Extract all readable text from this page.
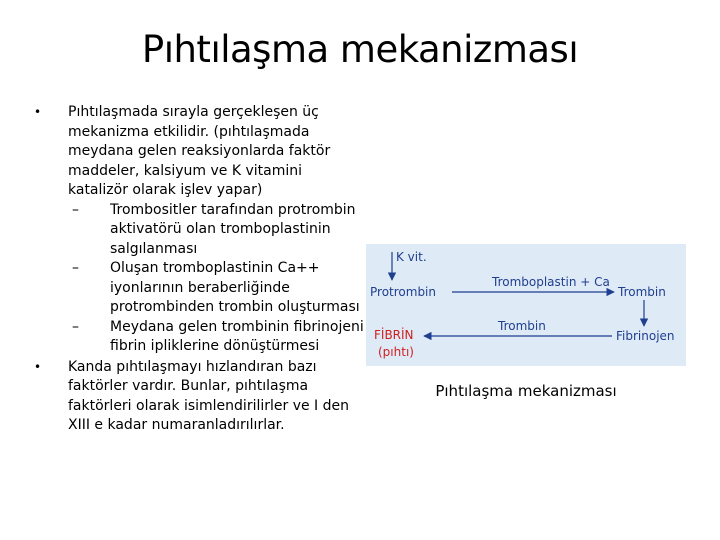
Pıhtılaşma mekanizması
•	Pıhtılaşmada sırayla gerçekleşen üç mekanizma etkilidir. (pıhtılaşmada meydana gelen reaksiyonlarda faktör maddeler, kalsiyum ve K vitamini katalizör olarak işlev yapar)
–	Trombositler tarafından protrombin aktivatörü olan tromboplastinin salgılanması
–	Oluşan tromboplastinin Ca++ iyonlarının beraberliğinde protrombinden trombin oluşturması
–	Meydana gelen trombinin fibrinojeni fibrin ipliklerine dönüştürmesi
•	Kanda pıhtılaşmayı hızlandıran bazı faktörler vardır. Bunlar, pıhtılaşma faktörleri olarak isimlendirilirler ve I den XIII e kadar numaranladırılırlar.
K vit.
Protrombin
Tromboplastin + Ca
Trombin
Trombin
Fibrinojen
FİBRİN
(pıhtı)
Pıhtılaşma mekanizması
